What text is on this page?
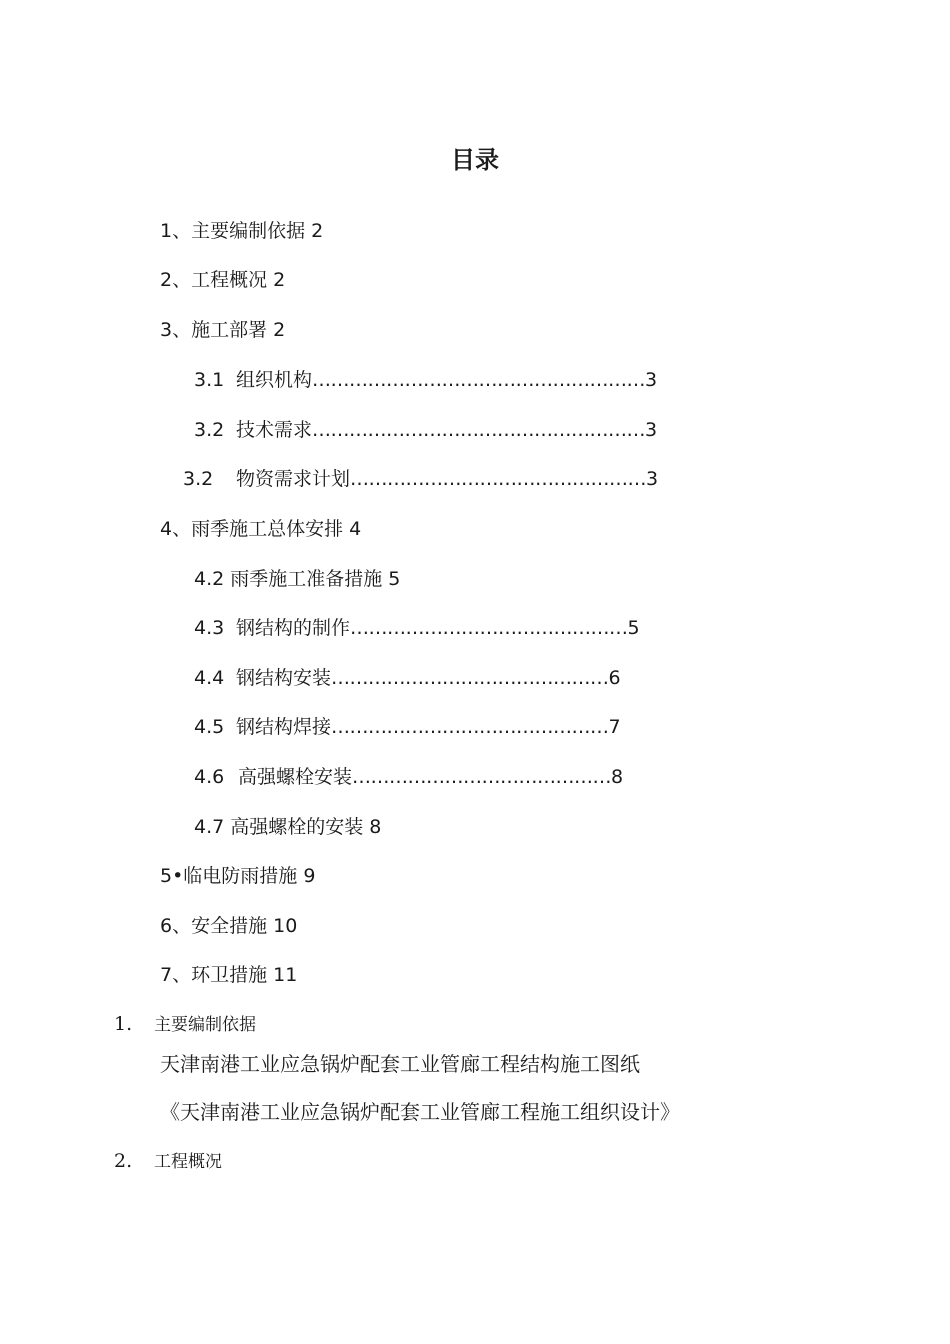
目录
1、主要编制依据 2
2、工程概况 2
3、施工部署 2
3.1 组织机构………………………………………………3
3.2 技术需求………………………………………………3
3.2 物资需求计划…………………………………………3
4、雨季施工总体安排 4
4.2 雨季施工准备措施 5
4.3 钢结构的制作………………………………………5
4.4 钢结构安装………………………………………6
4.5 钢结构焊接………………………………………7
4.6 高强螺栓安装……………………………………8
4.7 高强螺栓的安装 8
5•临电防雨措施 9
6、安全措施 10
7、环卫措施 11
1. 主要编制依据
天津南港工业应急锅炉配套工业管廊工程结构施工图纸
《天津南港工业应急锅炉配套工业管廊工程施工组织设计》
2. 工程概况
